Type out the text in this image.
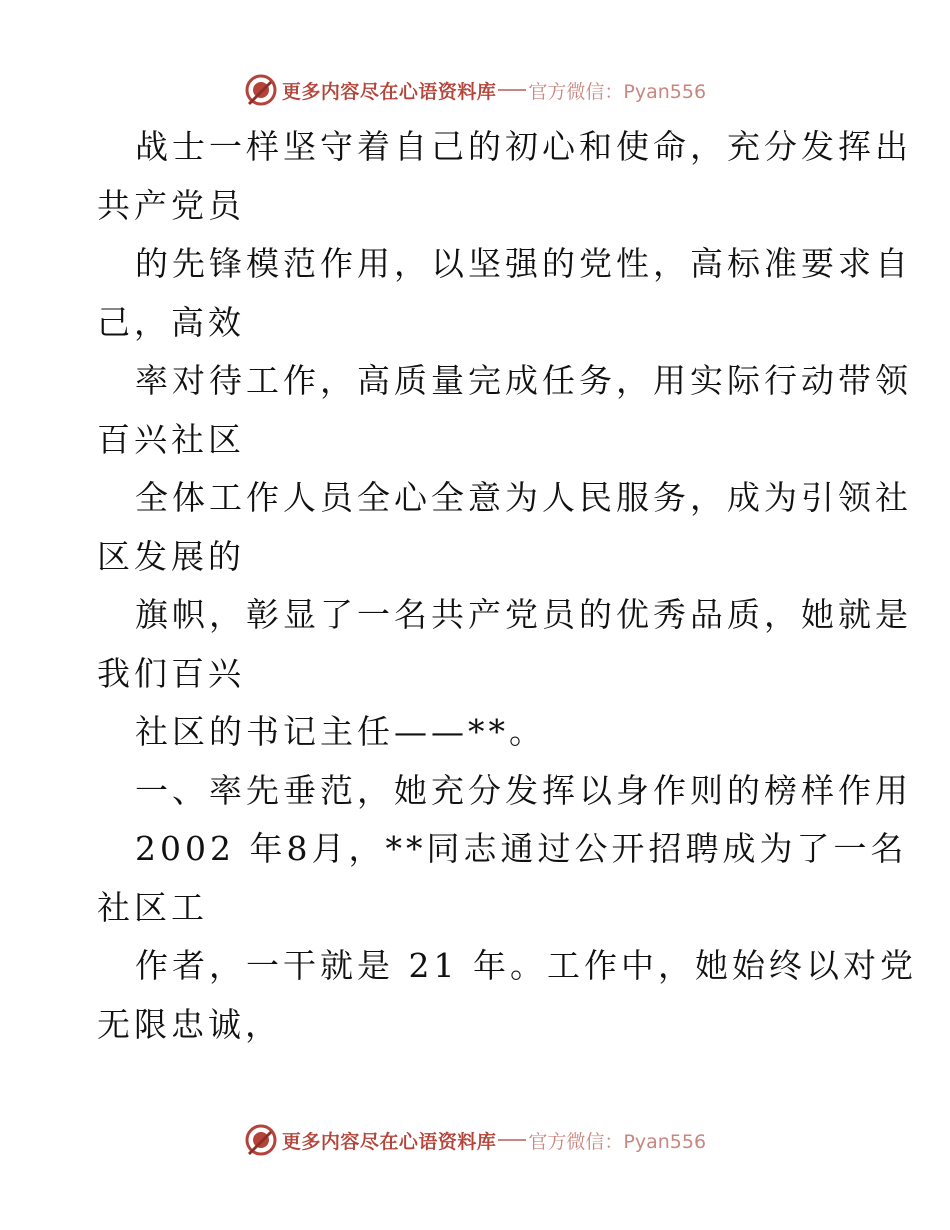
更多内容尽在心语资料库 官方微信：Pyan556
战士一样坚守着自己的初心和使命，充分发挥出
共产党员
的先锋模范作用，以坚强的党性，高标准要求自
己，高效
率对待工作，高质量完成任务，用实际行动带领
百兴社区
全体工作人员全心全意为人民服务，成为引领社
区发展的
旗帜，彰显了一名共产党员的优秀品质，她就是
我们百兴
社区的书记主任——**。
一、率先垂范，她充分发挥以身作则的榜样作用
2002 年8月，**同志通过公开招聘成为了一名
社区工
作者，一干就是 21 年。工作中，她始终以对党
无限忠诚，
更多内容尽在心语资料库 官方微信：Pyan556
